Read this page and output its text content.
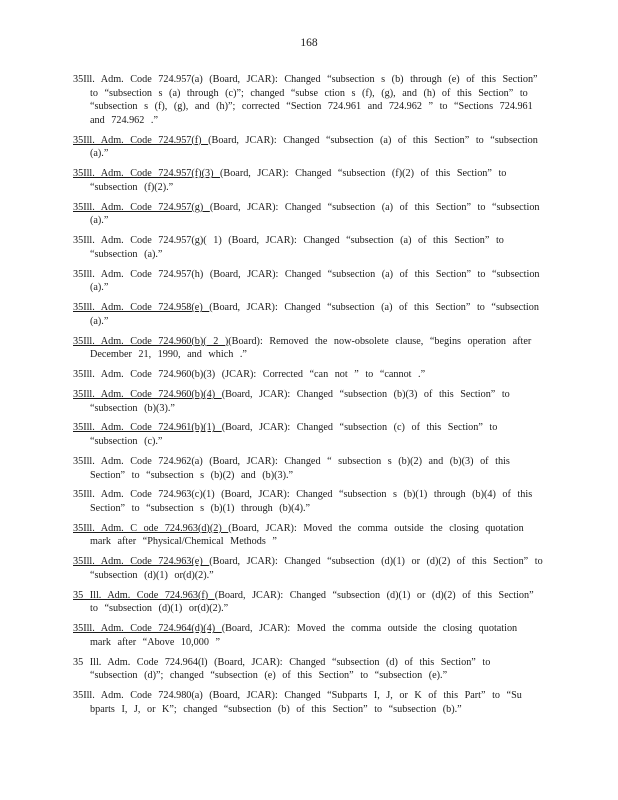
168

35Ill. Adm. Code 724.957(a) (Board, JCAR): Changed “subsection s (b) through (e) of this Section” to “subsection s (a) through (c)”; changed “subse ction s (f), (g), and (h) of this Section” to “subsection s (f), (g), and (h)”; corrected “Section 724.961 and 724.962 ” to “Sections 724.961 and 724.962 .”

35Ill. Adm. Code 724.957(f) (Board, JCAR): Changed “subsection (a) of this Section” to “subsection (a).”

35Ill. Adm. Code 724.957(f)(3) (Board, JCAR): Changed “subsection (f)(2) of this Section” to “subsection (f)(2).”

35Ill. Adm. Code 724.957(g) (Board, JCAR): Changed “subsection (a) of this Section” to “subsection (a).”

35Ill. Adm. Code 724.957(g)( 1) (Board, JCAR): Changed “subsection (a) of this Section” to “subsection (a).”

35Ill. Adm. Code 724.957(h) (Board, JCAR): Changed “subsection (a) of this Section” to “subsection (a).”

35Ill. Adm. Code 724.958(e) (Board, JCAR): Changed “subsection (a) of this Section” to “subsection (a).”

35Ill. Adm. Code 724.960(b)( 2 )(Board): Removed the now-obsolete clause, “begins operation after December 21, 1990, and which .”

35Ill. Adm. Code 724.960(b)(3) (JCAR): Corrected “can not ” to “cannot .”

35Ill. Adm. Code 724.960(b)(4) (Board, JCAR): Changed “subsection (b)(3) of this Section” to “subsection (b)(3).”

35Ill. Adm. Code 724.961(b)(1) (Board, JCAR): Changed “subsection (c) of this Section” to “subsection (c).”

35Ill. Adm. Code 724.962(a) (Board, JCAR): Changed “ subsection s (b)(2) and (b)(3) of this Section” to “subsection s (b)(2) and (b)(3).”

35Ill. Adm. Code 724.963(c)(1) (Board, JCAR): Changed “subsection s (b)(1) through (b)(4) of this Section” to “subsection s (b)(1) through (b)(4).”

35Ill. Adm. C ode 724.963(d)(2) (Board, JCAR): Moved the comma outside the closing quotation mark after “Physical/Chemical Methods ”

35Ill. Adm. Code 724.963(e) (Board, JCAR): Changed “subsection (d)(1) or (d)(2) of this Section” to “subsection (d)(1) or(d)(2).”

35 Ill. Adm. Code 724.963(f) (Board, JCAR): Changed “subsection (d)(1) or (d)(2) of this Section” to “subsection (d)(1) or(d)(2).”

35Ill. Adm. Code 724.964(d)(4) (Board, JCAR): Moved the comma outside the closing quotation mark after “Above 10,000 ”

35 Ill. Adm. Code 724.964(l) (Board, JCAR): Changed “subsection (d) of this Section” to “subsection (d)”; changed “subsection (e) of this Section” to “subsection (e).”

35Ill. Adm. Code 724.980(a) (Board, JCAR): Changed “Subparts I, J, or K of this Part” to “Su bparts I, J, or K”; changed “subsection (b) of this Section” to “subsection (b).”
